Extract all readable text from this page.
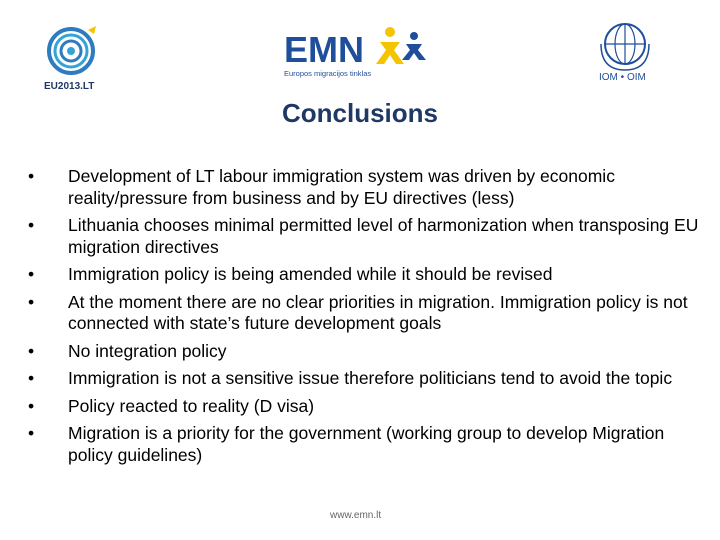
EU2013.LT
EMN
Europos migracijos tinklas	IOM • OIM
Conclusions
• Development of LT labour immigration system was driven by economic reality/pressure from business and by EU directives (less)
• Lithuania chooses minimal permitted level of harmonization when transposing EU migration directives
• Immigration policy is being amended while it should be revised
• At the moment there are no clear priorities in migration. Immigration policy is not connected with state’s future development goals
• No integration policy
• Immigration is not a sensitive issue therefore politicians tend to avoid the topic
• Policy reacted to reality (D visa)
• Migration is a priority for the government (working group to develop Migration policy guidelines)
www.emn.lt
